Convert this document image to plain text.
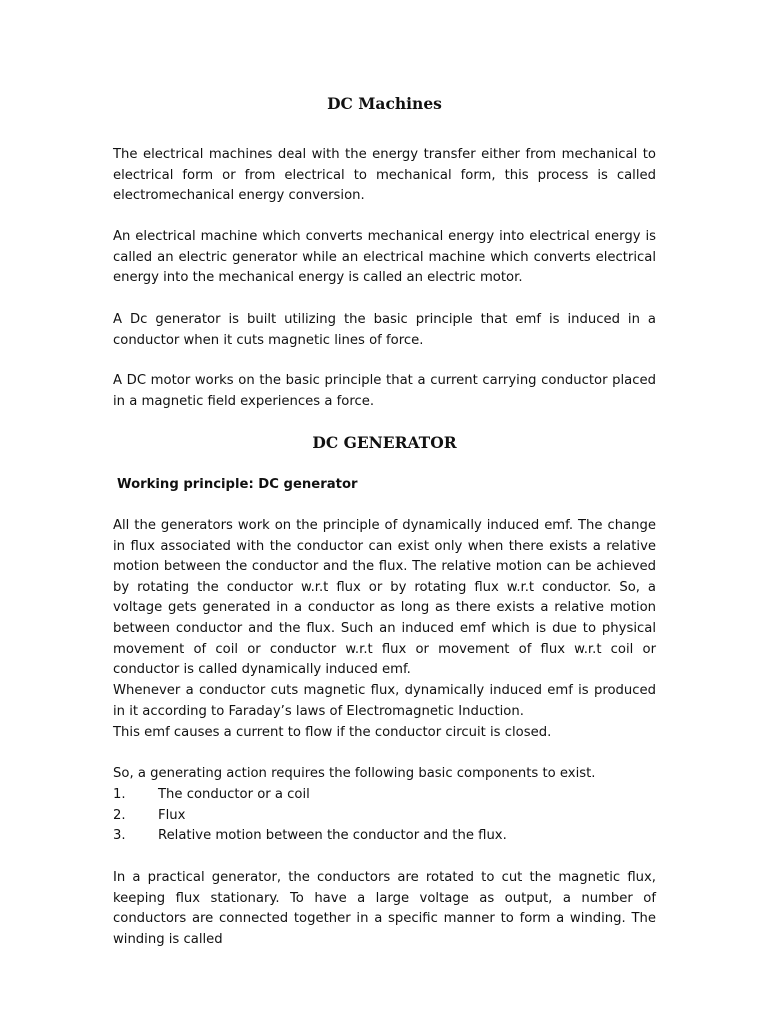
DC Machines

The electrical machines deal with the energy transfer either from mechanical to electrical form or from electrical to mechanical form, this process is called electromechanical energy conversion.

An electrical machine which converts mechanical energy into electrical energy is called an electric generator while an electrical machine which converts electrical energy into the mechanical energy is called an electric motor.

A Dc generator is built utilizing the basic principle that emf is induced in a conductor when it cuts magnetic lines of force.

A DC motor works on the basic principle that a current carrying conductor placed in a magnetic field experiences a force.

DC GENERATOR
Working principle: DC generator

All the generators work on the principle of dynamically induced emf. The change in flux associated with the conductor can exist only when there exists a relative motion between the conductor and the flux. The relative motion can be achieved by rotating the conductor w.r.t flux or by rotating flux w.r.t conductor. So, a voltage gets generated in a conductor as long as there exists a relative motion between conductor and the flux. Such an induced emf which is due to physical movement of coil or conductor w.r.t flux or movement of flux w.r.t coil or conductor is called dynamically induced emf.

Whenever a conductor cuts magnetic flux, dynamically induced emf is produced in it according to Faraday’s laws of Electromagnetic Induction.

This emf causes a current to flow if the conductor circuit is closed.

So, a generating action requires the following basic components to exist.

1. The conductor or a coil
2. Flux
3. Relative motion between the conductor and the flux.

In a practical generator, the conductors are rotated to cut the magnetic flux, keeping flux stationary. To have a large voltage as output, a number of conductors are connected together in a specific manner to form a winding. The winding is called
